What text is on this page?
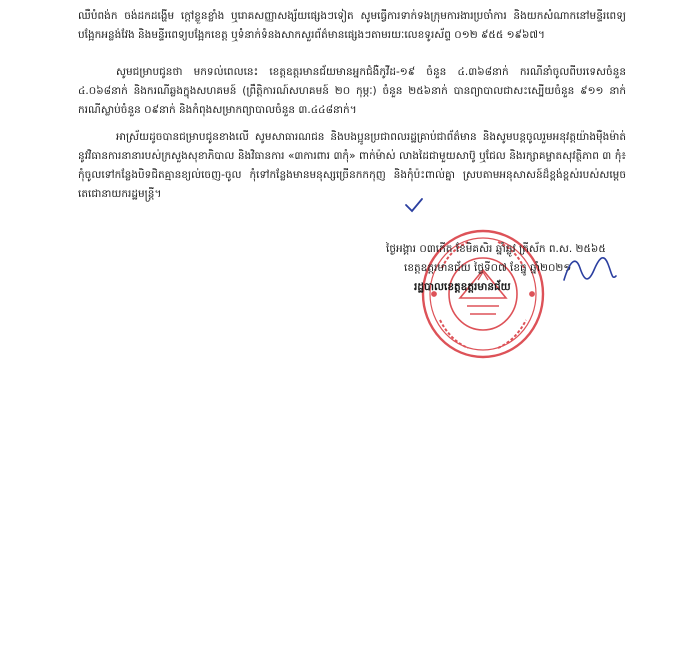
ឈឺបំពង់ក ចង់ដកដង្ហើម ក្តៅខ្លួនខ្លាំង ឬរោគសញ្ញាសង្ស័យផ្សេងៗទៀត សូមធ្វើការទាក់ទងក្រុមការងារប្រចាំការ និងយកសំណាកនៅមន្ទីរពេទ្យបង្អែកអន្លង់វែង និងមន្ទីរពេទ្យបង្អែកខេត្ត ឬទំនាក់ទំនងសាកសួរព័ត៌មានផ្សេងៗតាមរយៈលេខទូរស័ព្ទ ០១២ ៩៥៥ ១៩៦៧។

សូមជម្រាបជូនថា មកទល់ពេលនេះ ខេត្តឧត្តរមានជ័យមានអ្នកជំងឺកូវីដ-១៩ ចំនួន ៤.៣៦៨នាក់ ករណីនាំចូលពីបរទេសចំនួន ៤.០៦៨នាក់ និងករណីឆ្លងក្នុងសហគមន៍ (ព្រឹត្តិការណ៍សហគមន៍ ២០ កុម្ភៈ) ចំនួន ២៥៦នាក់ បានព្យាបាលជាសះស្បើយចំនួន ៩១១ នាក់ ករណីស្លាប់ចំនួន ០៩នាក់ និងកំពុងសម្រាកព្យាបាលចំនួន ៣.៤៤៨នាក់។

អាស្រ័យដូចបានជម្រាបជូនខាងលើ សូមសាធារណជន និងបងប្អូនប្រជាពលរដ្ឋគ្រាប់ជាព័ត៌មាន និងសូមបន្តចូលរួមអនុវត្តយ៉ាងម៉ឺងម៉ាត់នូវវិធានការនានារបស់ក្រសួងសុខាភិបាល និងវិធានការ «៣ការពារ ៣កុំ» ពាក់ម៉ាស់ លាងដៃជាមួយសាប៊ូ ឬជែល និងរក្សាគម្លាតសុវត្ថិភាព ៣ កុំ៖ កុំចូលទៅកន្លែងបិទជិតគ្មានខ្យល់ចេញ-ចូល កុំទៅកន្លែងមានមនុស្សច្រើនកកកុញ និងកុំប៉ះពាល់គ្នា ស្របតាមអនុសាសន៍ដ៏ខ្ពង់ខ្ពស់របស់សម្តេចតេជោនាយករដ្ឋមន្ត្រី។

ថ្ងៃអង្គារ ០៣កើត ខែមិគសិរ ឆ្នាំឆ្លូវ ត្រីស័ក ព.ស. ២៥៦៥
ខេត្តឧត្តរមានជ័យ ថ្ងៃទី០៧ ខែធ្នូ ឆ្នាំ២០២១
រដ្ឋបាលខេត្តឧត្តរមានជ័យ
